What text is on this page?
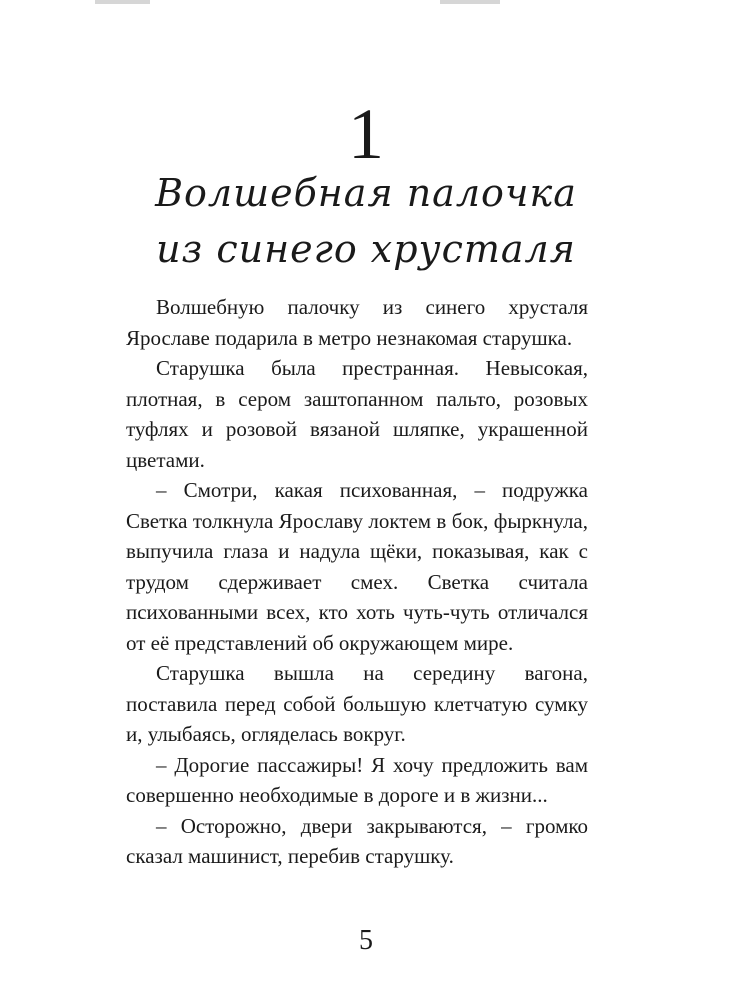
1
Волшебная палочка
из синего хрусталя

Волшебную палочку из синего хрусталя Ярославе подарила в метро незнакомая старушка.

Старушка была престранная. Невысокая, плотная, в сером заштопанном пальто, розовых туфлях и розовой вязаной шляпке, украшенной цветами.

– Смотри, какая психованная, – подружка Светка толкнула Ярославу локтем в бок, фыркнула, выпучила глаза и надула щёки, показывая, как с трудом сдерживает смех. Светка считала психованными всех, кто хоть чуть-чуть отличался от её представлений об окружающем мире.

Старушка вышла на середину вагона, поставила перед собой большую клетчатую сумку и, улыбаясь, огляделась вокруг.

– Дорогие пассажиры! Я хочу предложить вам совершенно необходимые в дороге и в жизни...

– Осторожно, двери закрываются, – громко сказал машинист, перебив старушку.

5
